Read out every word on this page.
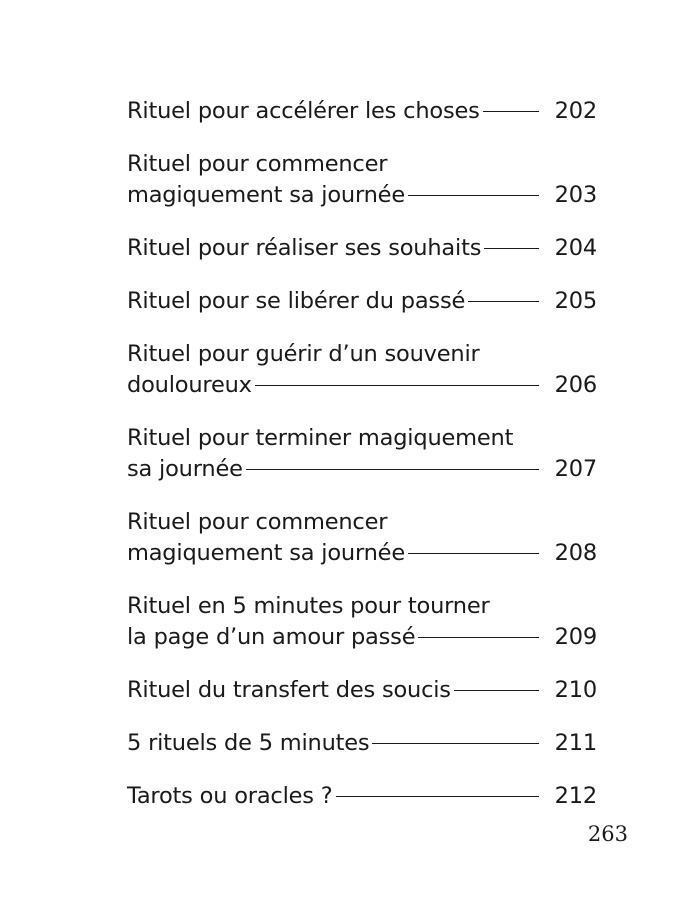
Rituel pour accélérer les choses	202
Rituel pour commencer
magiquement sa journée	203
Rituel pour réaliser ses souhaits	204
Rituel pour se libérer du passé	205
Rituel pour guérir d’un souvenir
douloureux	206
Rituel pour terminer magiquement
sa journée	207
Rituel pour commencer
magiquement sa journée	208
Rituel en 5 minutes pour tourner
la page d’un amour passé	209
Rituel du transfert des soucis	210
5 rituels de 5 minutes	211
Tarots ou oracles ?	212
263
